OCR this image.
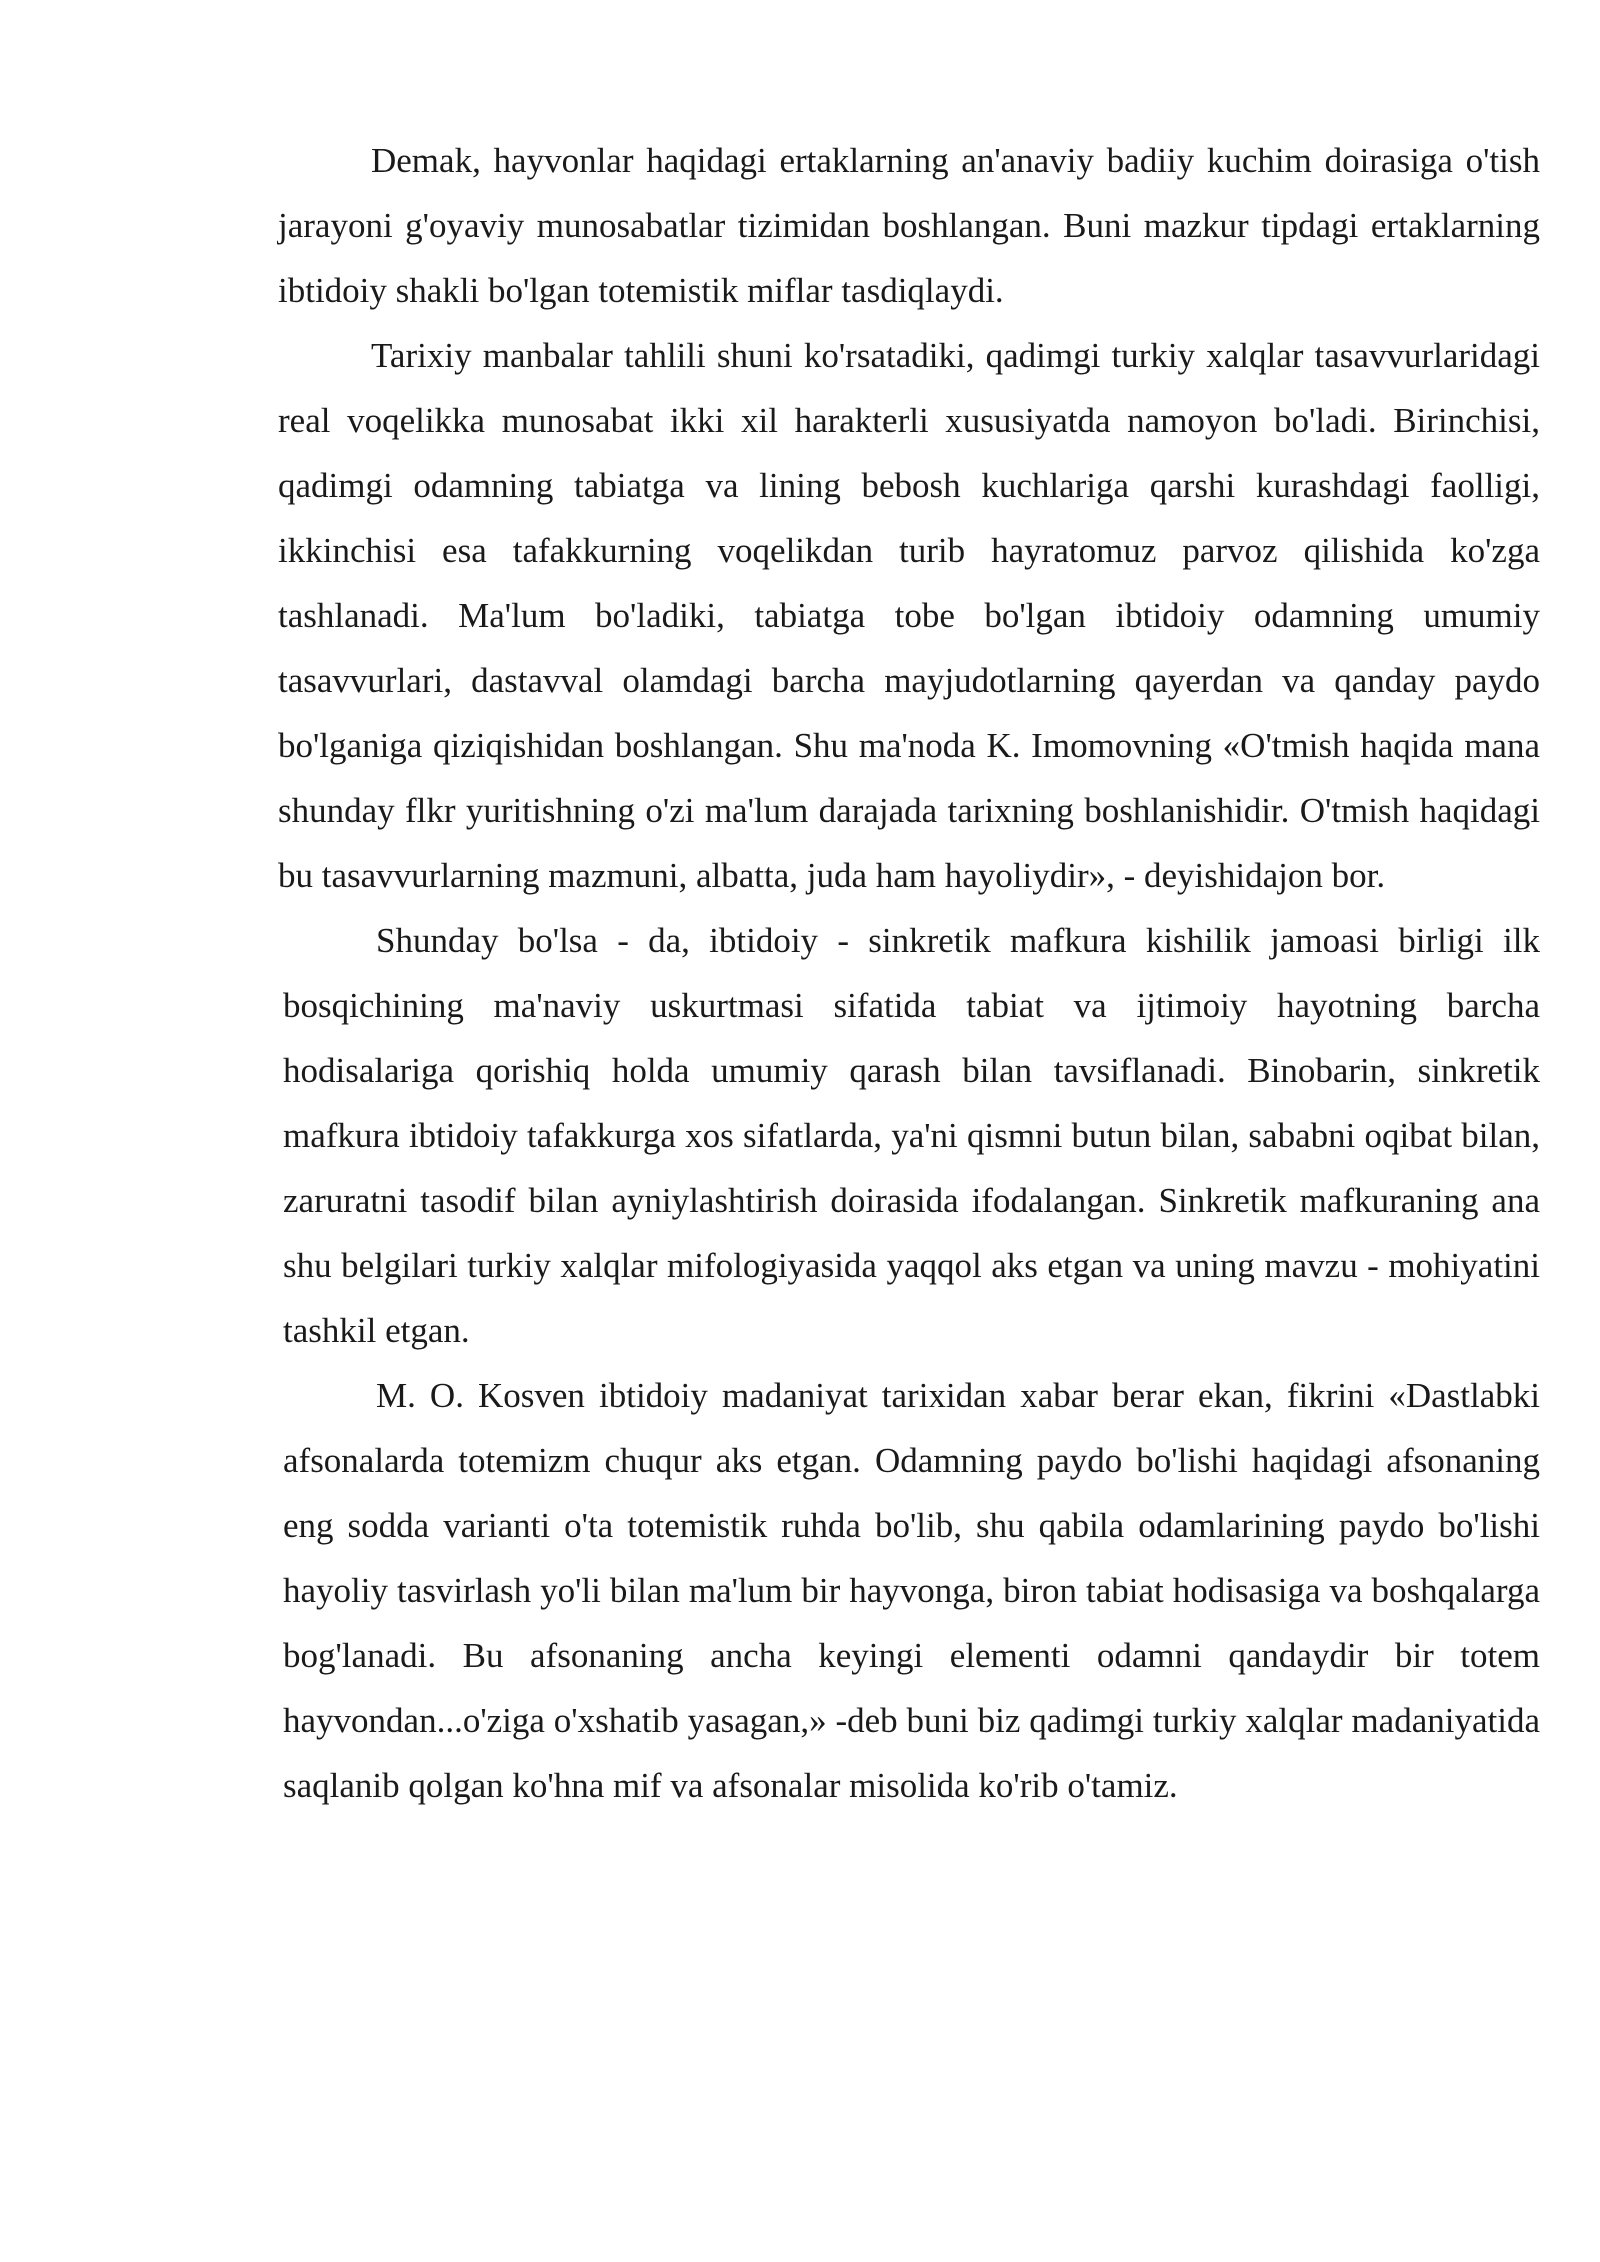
Demak, hayvonlar haqidagi ertaklarning an'anaviy badiiy kuchim doirasiga o'tish jarayoni g'oyaviy munosabatlar tizimidan boshlangan. Buni mazkur tipdagi ertaklarning ibtidoiy shakli bo'lgan totemistik miflar tasdiqlaydi.

Tarixiy manbalar tahlili shuni ko'rsatadiki, qadimgi turkiy xalqlar tasavvurlaridagi real voqelikka munosabat ikki xil harakterli xususiyatda namoyon bo'ladi. Birinchisi, qadimgi odamning tabiatga va lining bebosh kuchlariga qarshi kurashdagi faolligi, ikkinchisi esa tafakkurning voqelikdan turib hayratomuz parvoz qilishida ko'zga tashlanadi. Ma'lum bo'ladiki, tabiatga tobe bo'lgan ibtidoiy odamning umumiy tasavvurlari, dastavval olamdagi barcha mayjudotlarning qayerdan va qanday paydo bo'lganiga qiziqishidan boshlangan. Shu ma'noda K. Imomovning «O'tmish haqida mana shunday flkr yuritishning o'zi ma'lum darajada tarixning boshlanishidir. O'tmish haqidagi bu tasavvurlarning mazmuni, albatta, juda ham hayoliydir», - deyishidajon bor.

Shunday bo'lsa - da, ibtidoiy - sinkretik mafkura kishilik jamoasi birligi ilk bosqichining ma'naviy uskurtmasi sifatida tabiat va ijtimoiy hayotning barcha hodisalariga qorishiq holda umumiy qarash bilan tavsiflanadi. Binobarin, sinkretik mafkura ibtidoiy tafakkurga xos sifatlarda, ya'ni qismni butun bilan, sababni oqibat bilan, zaruratni tasodif bilan ayniylashtirish doirasida ifodalangan. Sinkretik mafkuraning ana shu belgilari turkiy xalqlar mifologiyasida yaqqol aks etgan va uning mavzu - mohiyatini tashkil etgan.

M. O. Kosven ibtidoiy madaniyat tarixidan xabar berar ekan, fikrini «Dastlabki afsonalarda totemizm chuqur aks etgan. Odamning paydo bo'lishi haqidagi afsonaning eng sodda varianti o'ta totemistik ruhda bo'lib, shu qabila odamlarining paydo bo'lishi hayoliy tasvirlash yo'li bilan ma'lum bir hayvonga, biron tabiat hodisasiga va boshqalarga bog'lanadi. Bu afsonaning ancha keyingi elementi odamni qandaydir bir totem hayvondan...o'ziga o'xshatib yasagan,» -deb buni biz qadimgi turkiy xalqlar madaniyatida saqlanib qolgan ko'hna mif va afsonalar misolida ko'rib o'tamiz.
